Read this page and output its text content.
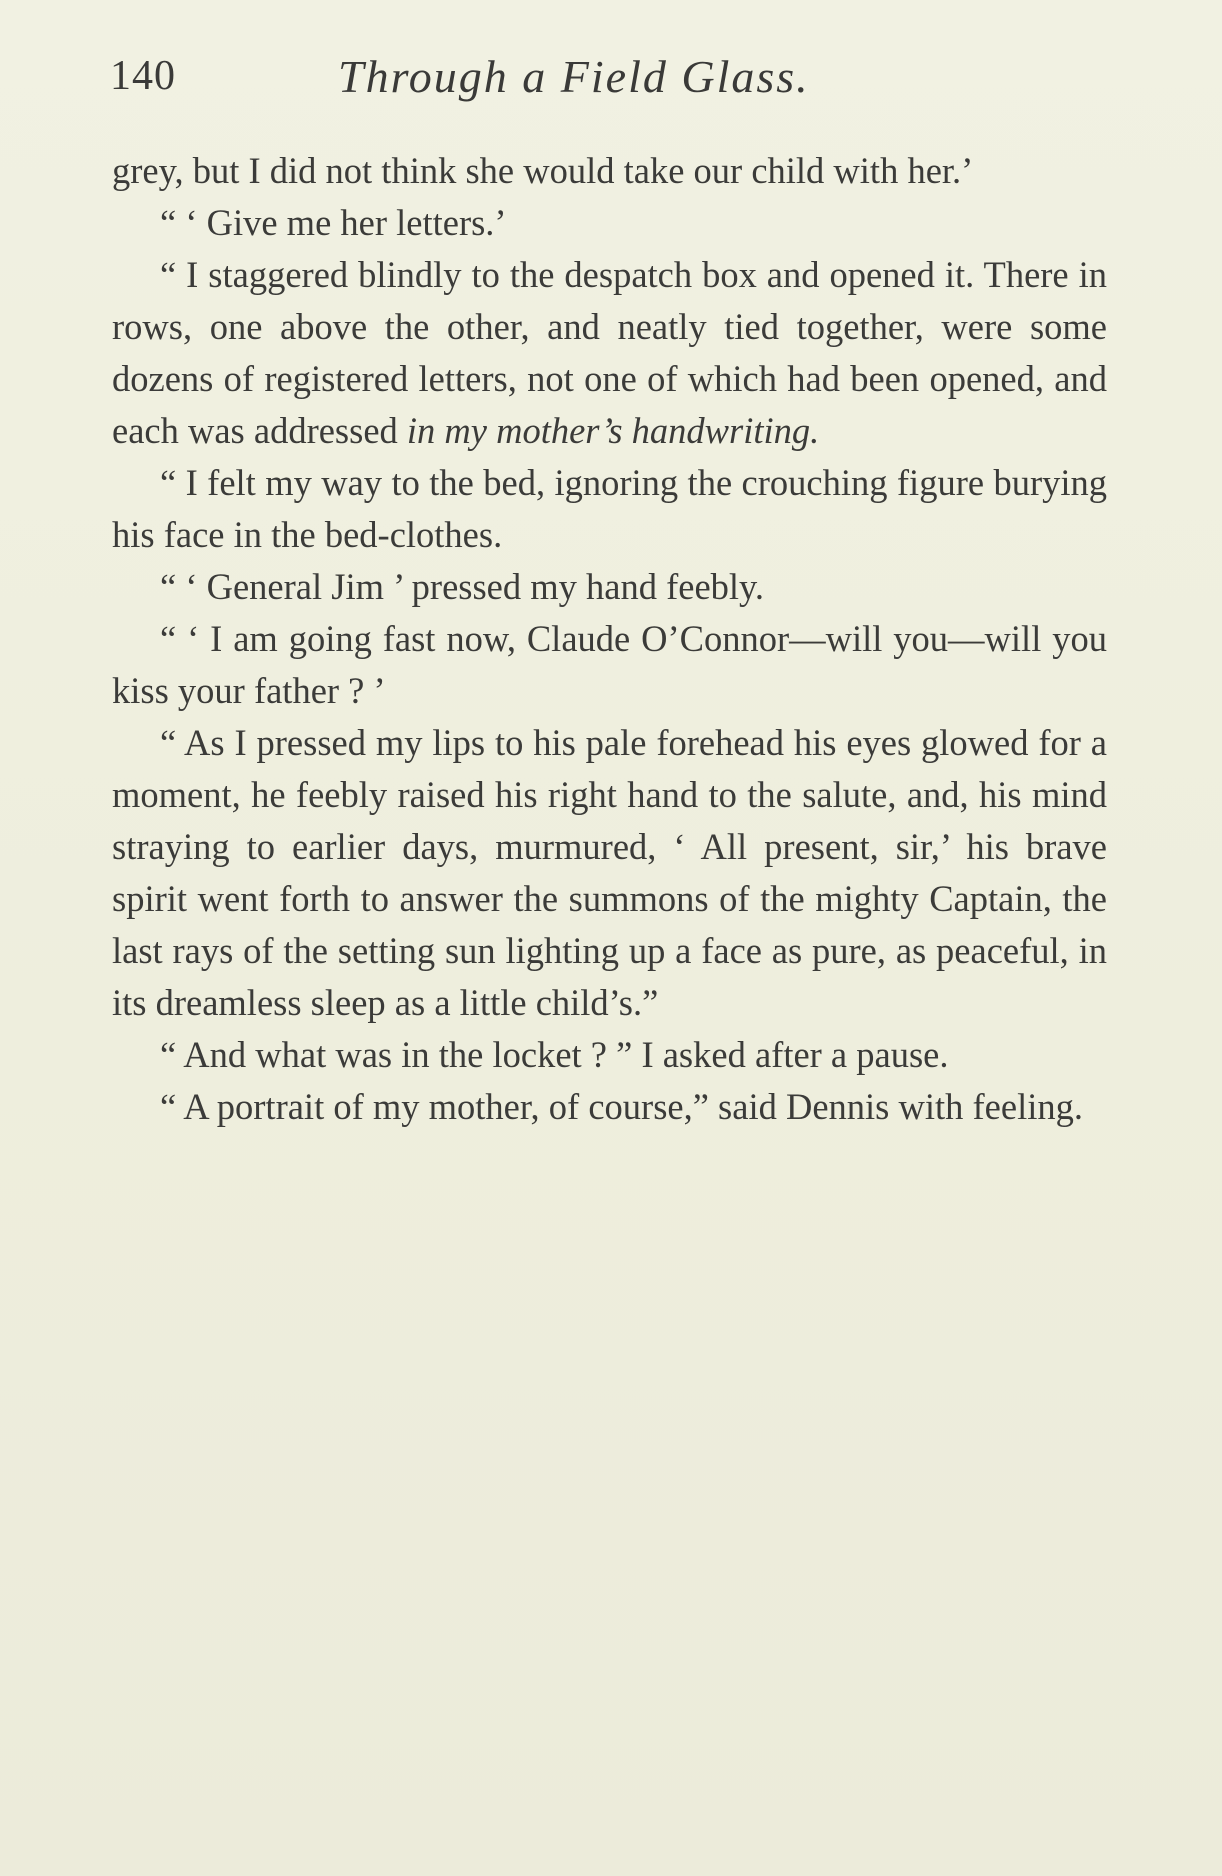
140	Through a Field Glass.

grey, but I did not think she would take our child with her.’

“ ‘ Give me her letters.’

“ I staggered blindly to the despatch box and opened it. There in rows, one above the other, and neatly tied together, were some dozens of registered letters, not one of which had been opened, and each was addressed in my mother’s handwriting.

“ I felt my way to the bed, ignoring the crouching figure burying his face in the bed-clothes.

“ ‘ General Jim ’ pressed my hand feebly.

“ ‘ I am going fast now, Claude O’Connor—will you—will you kiss your father ? ’

“ As I pressed my lips to his pale forehead his eyes glowed for a moment, he feebly raised his right hand to the salute, and, his mind straying to earlier days, murmured, ‘ All present, sir,’ his brave spirit went forth to answer the summons of the mighty Captain, the last rays of the setting sun lighting up a face as pure, as peaceful, in its dreamless sleep as a little child’s.”

“ And what was in the locket ? ” I asked after a pause.

“ A portrait of my mother, of course,” said Dennis with feeling.
